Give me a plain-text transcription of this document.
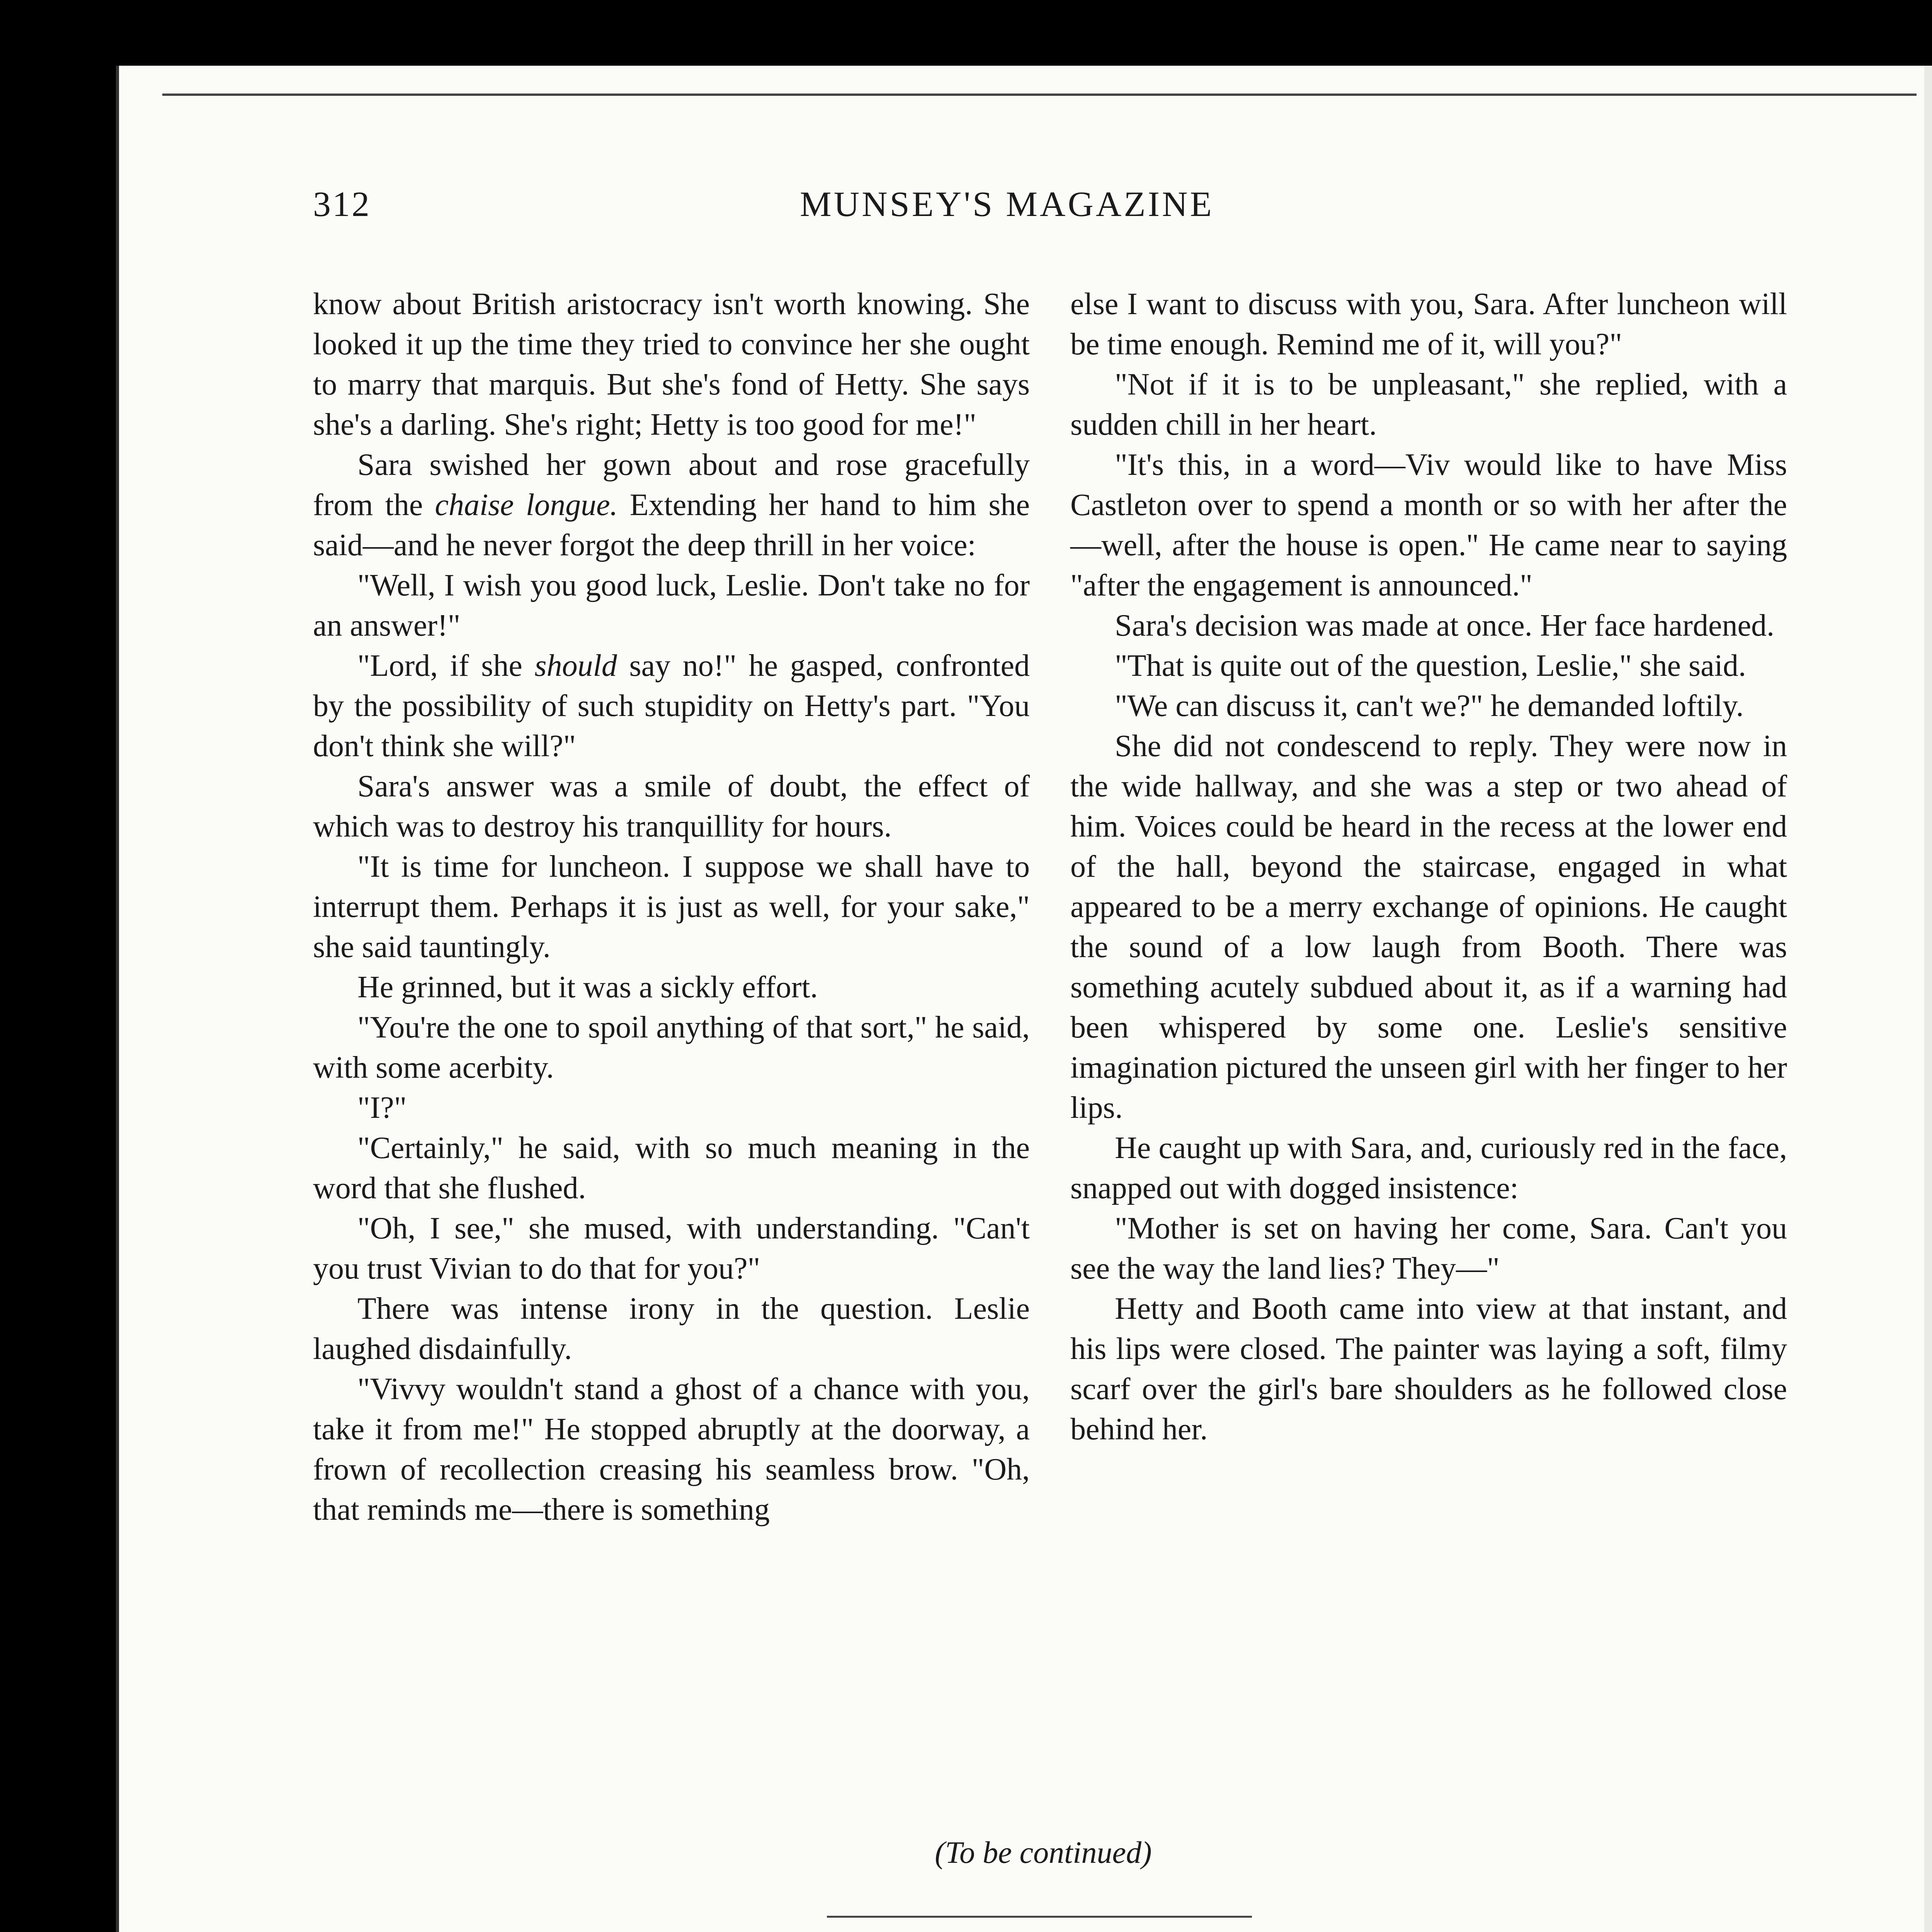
312	MUNSEY'S MAGAZINE

know about British aristocracy isn't worth knowing. She looked it up the time they tried to convince her she ought to marry that marquis. But she's fond of Hetty. She says she's a darling. She's right; Hetty is too good for me!"

Sara swished her gown about and rose gracefully from the chaise longue. Extending her hand to him she said—and he never forgot the deep thrill in her voice:

"Well, I wish you good luck, Leslie. Don't take no for an answer!"

"Lord, if she should say no!" he gasped, confronted by the possibility of such stupidity on Hetty's part. "You don't think she will?"

Sara's answer was a smile of doubt, the effect of which was to destroy his tranquillity for hours.

"It is time for luncheon. I suppose we shall have to interrupt them. Perhaps it is just as well, for your sake," she said tauntingly.

He grinned, but it was a sickly effort.

"You're the one to spoil anything of that sort," he said, with some acerbity.

"I?"

"Certainly," he said, with so much meaning in the word that she flushed.

"Oh, I see," she mused, with understanding. "Can't you trust Vivian to do that for you?"

There was intense irony in the question. Leslie laughed disdainfully.

"Vivvy wouldn't stand a ghost of a chance with you, take it from me!" He stopped abruptly at the doorway, a frown of recollection creasing his seamless brow. "Oh, that reminds me—there is something

else I want to discuss with you, Sara. After luncheon will be time enough. Remind me of it, will you?"

"Not if it is to be unpleasant," she replied, with a sudden chill in her heart.

"It's this, in a word—Viv would like to have Miss Castleton over to spend a month or so with her after the—well, after the house is open." He came near to saying "after the engagement is announced."

Sara's decision was made at once. Her face hardened.

"That is quite out of the question, Leslie," she said.

"We can discuss it, can't we?" he demanded loftily.

She did not condescend to reply. They were now in the wide hallway, and she was a step or two ahead of him. Voices could be heard in the recess at the lower end of the hall, beyond the staircase, engaged in what appeared to be a merry exchange of opinions. He caught the sound of a low laugh from Booth. There was something acutely subdued about it, as if a warning had been whispered by some one. Leslie's sensitive imagination pictured the unseen girl with her finger to her lips.

He caught up with Sara, and, curiously red in the face, snapped out with dogged insistence:

"Mother is set on having her come, Sara. Can't you see the way the land lies? They—"

Hetty and Booth came into view at that instant, and his lips were closed. The painter was laying a soft, filmy scarf over the girl's bare shoulders as he followed close behind her.

(To be continued)
